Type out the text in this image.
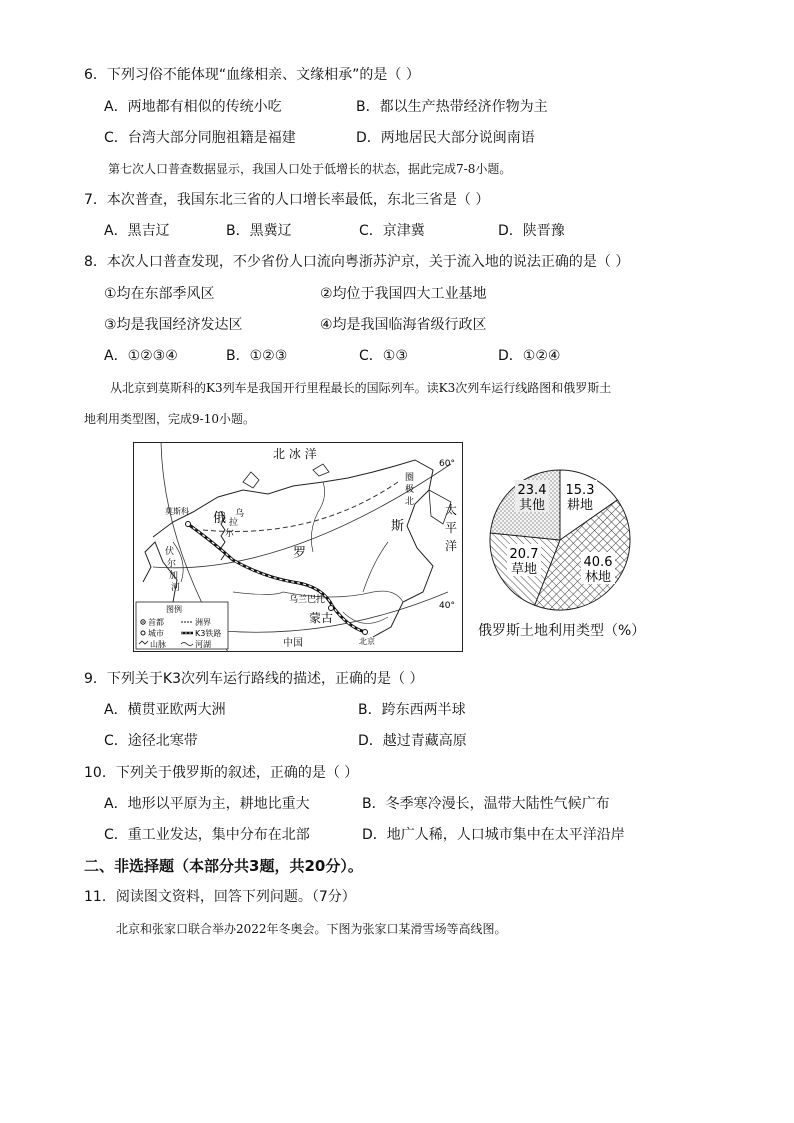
6．下列习俗不能体现“血缘相亲、文缘相承”的是（ ）
A．两地都有相似的传统小吃	B．都以生产热带经济作物为主
C．台湾大部分同胞祖籍是福建	D．两地居民大部分说闽南语
第七次人口普查数据显示，我国人口处于低增长的状态，据此完成7-8小题。
7．本次普查，我国东北三省的人口增长率最低，东北三省是（ ）
A．黑吉辽	B．黑冀辽	C．京津冀	D．陕晋豫
8．本次人口普查发现，不少省份人口流向粤浙苏沪京，关于流入地的说法正确的是（ ）
①均在东部季风区	②均位于我国四大工业基地
③均是我国经济发达区	④均是我国临海省级行政区
A．①②③④	B．①②③	C．①③	D．①②④
从北京到莫斯科的K3列车是我国开行里程最长的国际列车。读K3次列车运行线路图和俄罗斯土
地利用类型图，完成9-10小题。
北 冰 洋
60°
40°
圈
极
北
太
平
洋
俄
罗
斯
莫斯科	乌
拉
尔
伏
尔
加
河
乌兰巴托
蒙古
中国	北京
图例
首都	洲界
城市	K3铁路
山脉	河湖
15.3
耕地
40.6
林地
20.7
草地
23.4
其他
俄罗斯土地利用类型（%）
9．下列关于K3次列车运行路线的描述，正确的是（ ）
A．横贯亚欧两大洲	B．跨东西两半球
C．途径北寒带	D．越过青藏高原
10．下列关于俄罗斯的叙述，正确的是（ ）
A．地形以平原为主，耕地比重大	B．冬季寒冷漫长，温带大陆性气候广布
C．重工业发达，集中分布在北部	D．地广人稀，人口城市集中在太平洋沿岸
二、非选择题（本部分共3题，共20分）。
11．阅读图文资料，回答下列问题。（7分）
北京和张家口联合举办2022年冬奥会。下图为张家口某滑雪场等高线图。
